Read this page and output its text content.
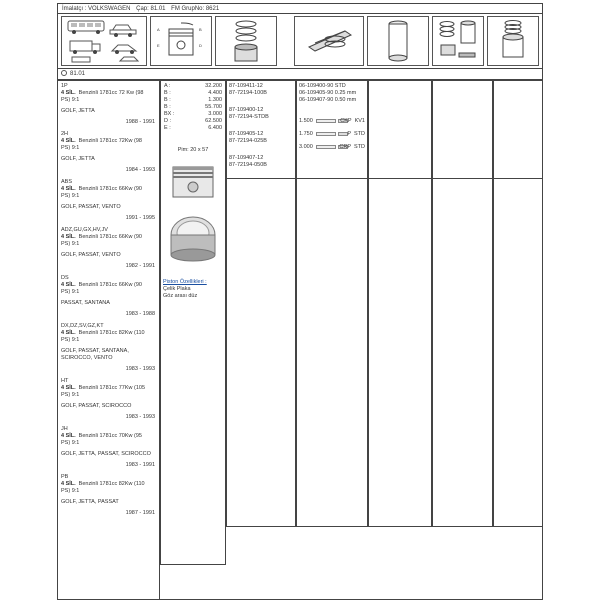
İmalatçı : VOLKSWAGEN Çap: 81.01 FM GrupNo: 8621
A	B
D
E
81.01
1P
4 SİL. Benzinli 1781cc 72 Kw (98
PS) 9:1
GOLF, JETTA
1988 - 1991
2H
4 SİL. Benzinli 1781cc 72Kw (98
PS) 9:1
GOLF, JETTA
1984 - 1993
ABS
4 SİL. Benzinli 1781cc 66Kw (90
PS) 9:1
GOLF, PASSAT, VENTO
1991 - 1995
ADZ,GU,GX,HV,JV
4 SİL. Benzinli 1781cc 66Kw (90
PS) 9:1
GOLF, PASSAT, VENTO
1982 - 1991
DS
4 SİL. Benzinli 1781cc 66Kw (90
PS) 9:1
PASSAT, SANTANA
1983 - 1988
DX,DZ,SV,GZ,KT
4 SİL. Benzinli 1781cc 82Kw (110
PS) 9:1
GOLF, PASSAT, SANTANA,
SCIROCCO, VENTO
1983 - 1993
HT
4 SİL. Benzinli 1781cc 77Kw (105
PS) 9:1
GOLF, PASSAT, SCIROCCO
1983 - 1993
JH
4 SİL. Benzinli 1781cc 70Kw (95
PS) 9:1
GOLF, JETTA, PASSAT, SCIROCCO
1983 - 1991
PB
4 SİL. Benzinli 1781cc 82Kw (110
PS) 9:1
GOLF, JETTA, PASSAT
1987 - 1991
A :	32.200
B :	4.400
B :	1.300
B :	55.700
BX :	3.000
D :	62.500
E :	6.400
Pim: 20 x 57
Piston Özellikleri :
Çelik Plaka
Göz arası düz
87-109411-12
87-72194-100B
87-109400-12
87-72194-STDB
87-109405-12
87-72194-025B
87-109407-12
87-72194-050B
06-109400-90 STD
06-109405-90 0.25 mm
06-109407-90 0.50 mm
1.500	CKP KV1
1.750	P STD
3.000	CRP STD
